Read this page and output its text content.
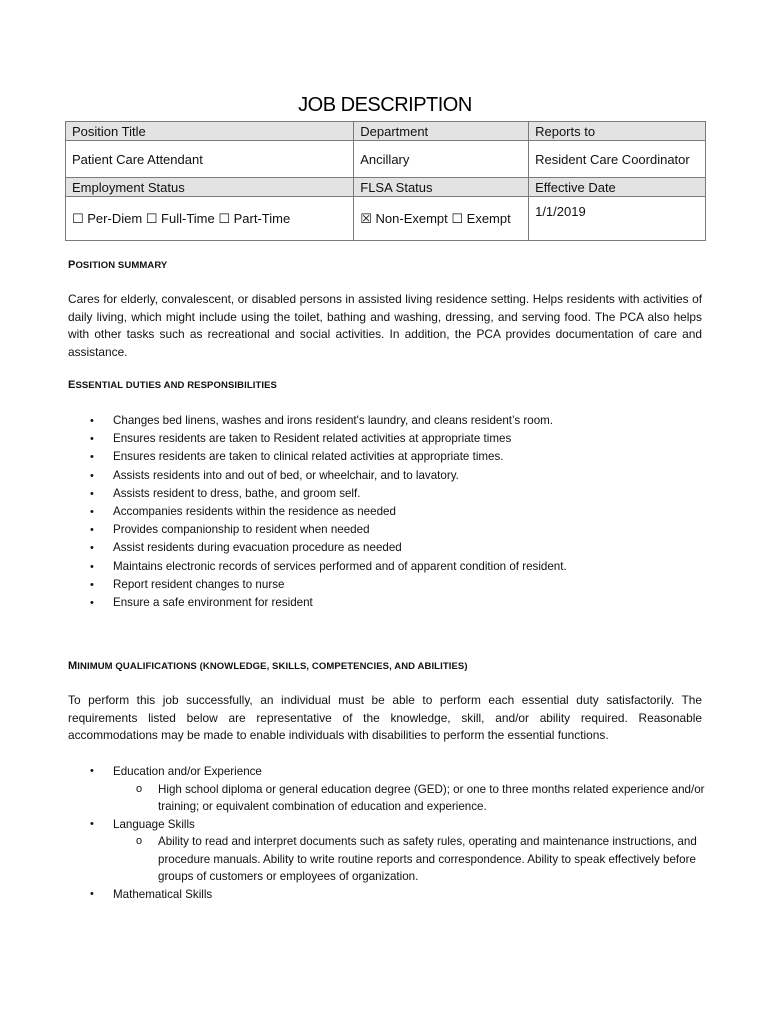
JOB DESCRIPTION
Position Title	Department	Reports to
Patient Care Attendant	Ancillary	Resident Care Coordinator
Employment Status	FLSA Status	Effective Date
☐ Per-Diem ☐ Full-Time ☐ Part-Time	☒ Non-Exempt ☐ Exempt	1/1/2019
POSITION SUMMARY

Cares for elderly, convalescent, or disabled persons in assisted living residence setting. Helps residents with activities of daily living, which might include using the toilet, bathing and washing, dressing, and serving food. The PCA also helps with other tasks such as recreational and social activities. In addition, the PCA provides documentation of care and assistance.

ESSENTIAL DUTIES AND RESPONSIBILITIES
• Changes bed linens, washes and irons resident's laundry, and cleans resident’s room.
• Ensures residents are taken to Resident related activities at appropriate times
• Ensures residents are taken to clinical related activities at appropriate times.
• Assists residents into and out of bed, or wheelchair, and to lavatory.
• Assists resident to dress, bathe, and groom self.
• Accompanies residents within the residence as needed
• Provides companionship to resident when needed
• Assist residents during evacuation procedure as needed
• Maintains electronic records of services performed and of apparent condition of resident.
• Report resident changes to nurse
• Ensure a safe environment for resident
MINIMUM QUALIFICATIONS (KNOWLEDGE, SKILLS, COMPETENCIES, AND ABILITIES)

To perform this job successfully, an individual must be able to perform each essential duty satisfactorily. The requirements listed below are representative of the knowledge, skill, and/or ability required. Reasonable accommodations may be made to enable individuals with disabilities to perform the essential functions.

• Education and/or Experience
o High school diploma or general education degree (GED); or one to three months related experience and/or training; or equivalent combination of education and experience.
• Language Skills
o Ability to read and interpret documents such as safety rules, operating and maintenance instructions, and procedure manuals. Ability to write routine reports and correspondence. Ability to speak effectively before groups of customers or employees of organization.
• Mathematical Skills
